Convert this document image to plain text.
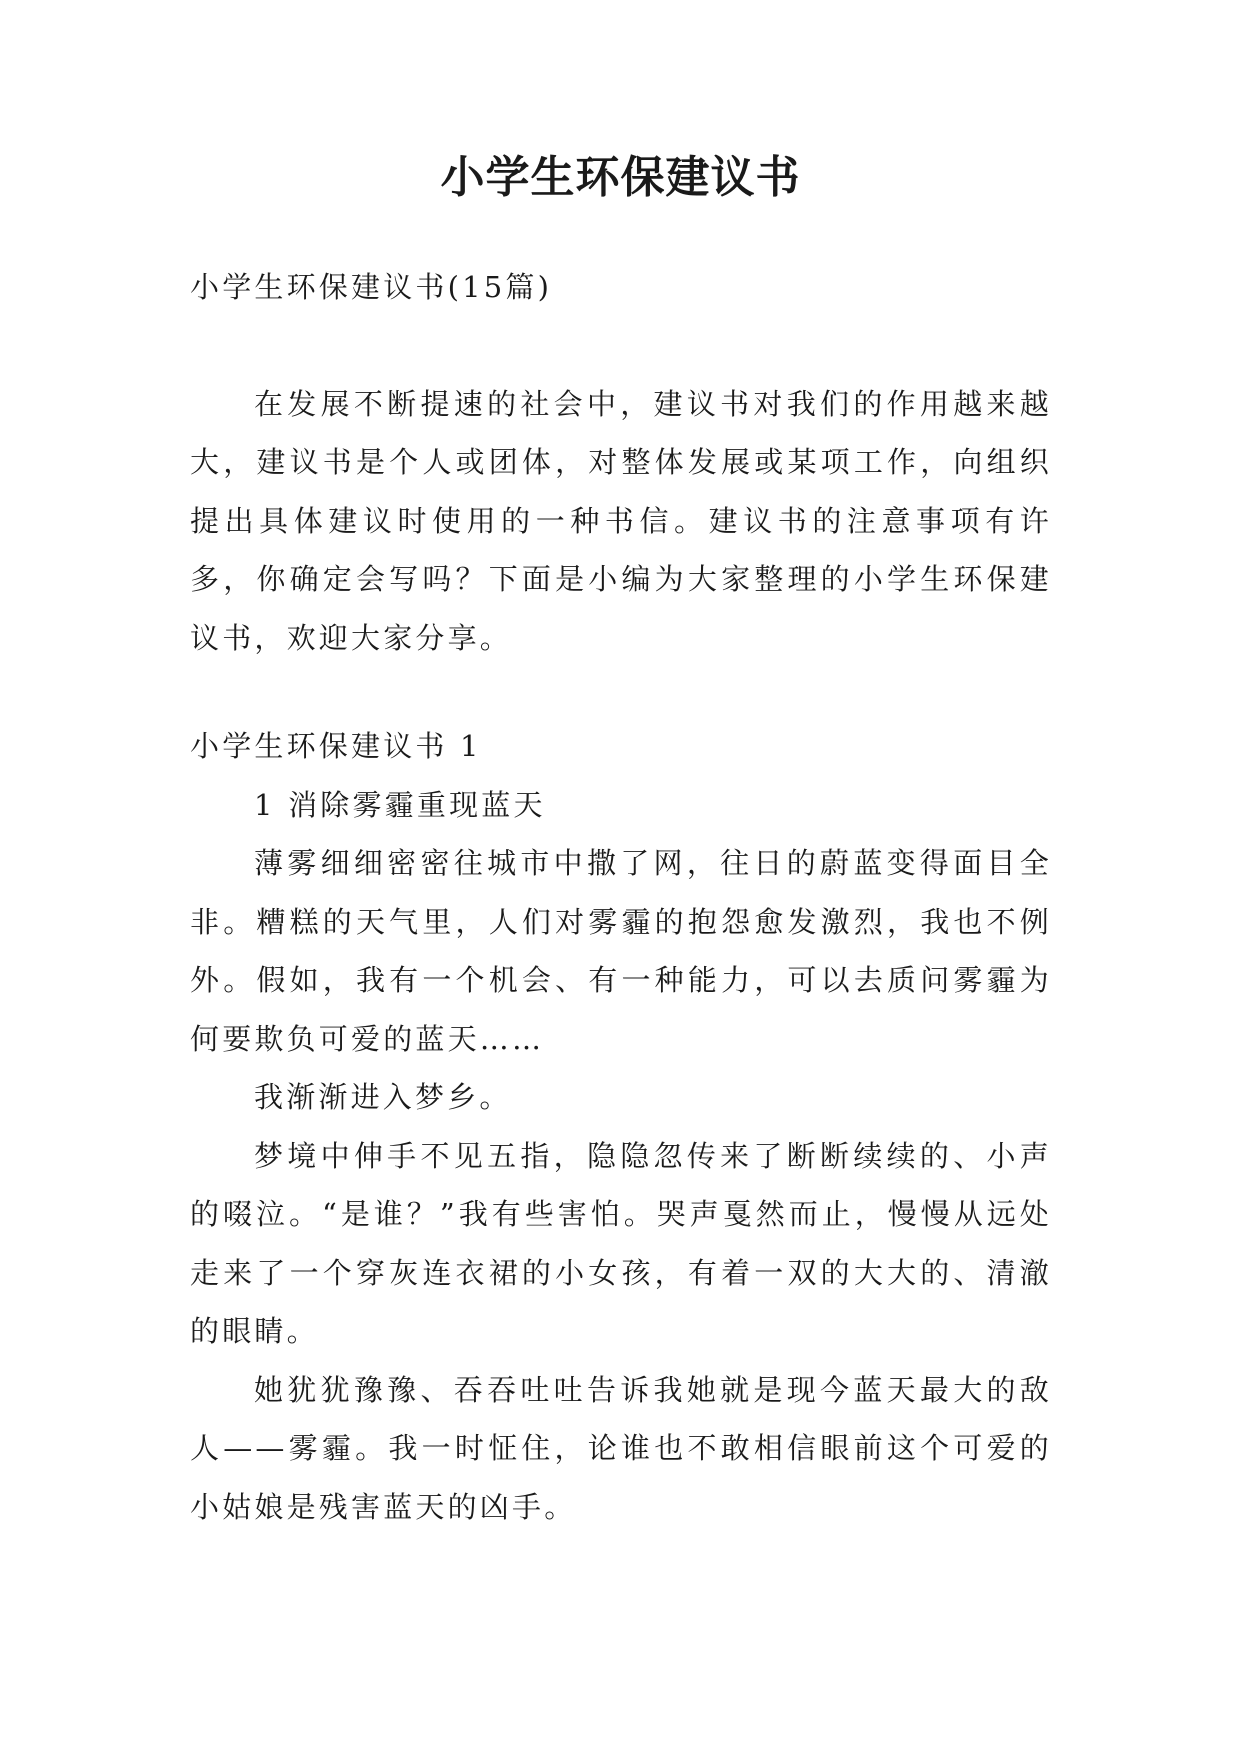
小学生环保建议书

小学生环保建议书(15篇)

在发展不断提速的社会中，建议书对我们的作用越来越大，建议书是个人或团体，对整体发展或某项工作，向组织提出具体建议时使用的一种书信。建议书的注意事项有许多，你确定会写吗？下面是小编为大家整理的小学生环保建议书，欢迎大家分享。

小学生环保建议书 1

1 消除雾霾重现蓝天

薄雾细细密密往城市中撒了网，往日的蔚蓝变得面目全非。糟糕的天气里，人们对雾霾的抱怨愈发激烈，我也不例外。假如，我有一个机会、有一种能力，可以去质问雾霾为何要欺负可爱的蓝天……

我渐渐进入梦乡。

梦境中伸手不见五指，隐隐忽传来了断断续续的、小声的啜泣。“是谁？”我有些害怕。哭声戛然而止，慢慢从远处走来了一个穿灰连衣裙的小女孩，有着一双的大大的、清澈的眼睛。

她犹犹豫豫、吞吞吐吐告诉我她就是现今蓝天最大的敌人——雾霾。我一时怔住，论谁也不敢相信眼前这个可爱的小姑娘是残害蓝天的凶手。
